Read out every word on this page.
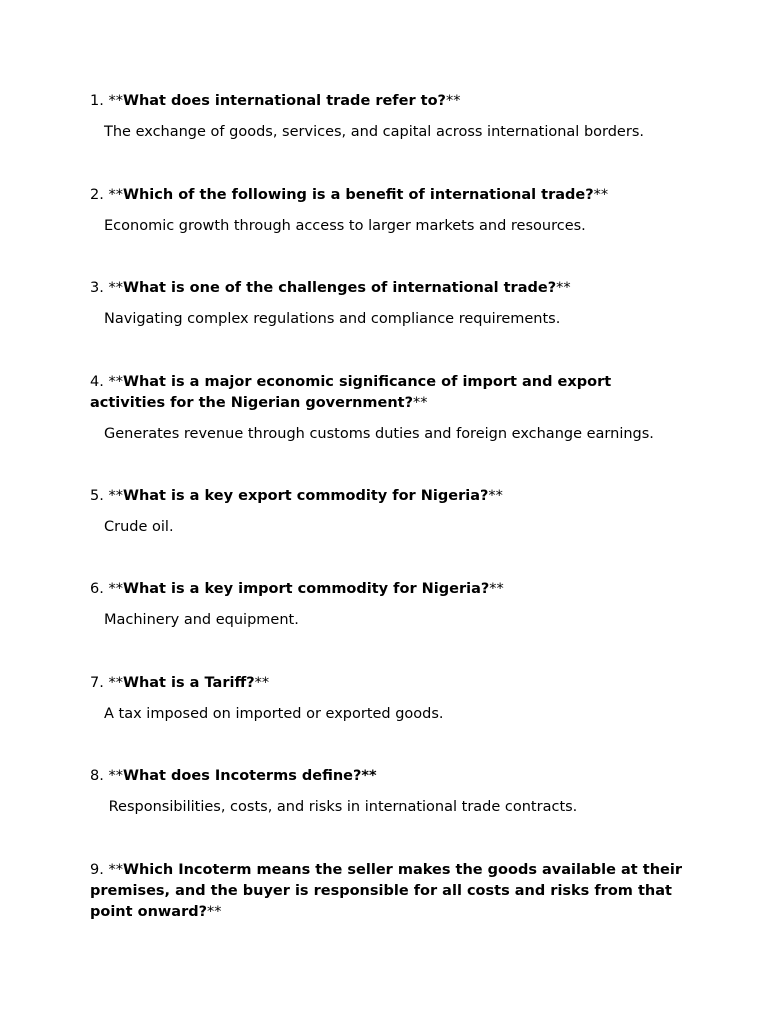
1. **What does international trade refer to?**

The exchange of goods, services, and capital across international borders.

2. **Which of the following is a benefit of international trade?**

Economic growth through access to larger markets and resources.

3. **What is one of the challenges of international trade?**

Navigating complex regulations and compliance requirements.

4. **What is a major economic significance of import and export activities for the Nigerian government?**

Generates revenue through customs duties and foreign exchange earnings.

5. **What is a key export commodity for Nigeria?**

Crude oil.

6. **What is a key import commodity for Nigeria?**

Machinery and equipment.

7. **What is a Tariff?**

A tax imposed on imported or exported goods.

8. **What does Incoterms define?**

Responsibilities, costs, and risks in international trade contracts.

9. **Which Incoterm means the seller makes the goods available at their premises, and the buyer is responsible for all costs and risks from that point onward?**
